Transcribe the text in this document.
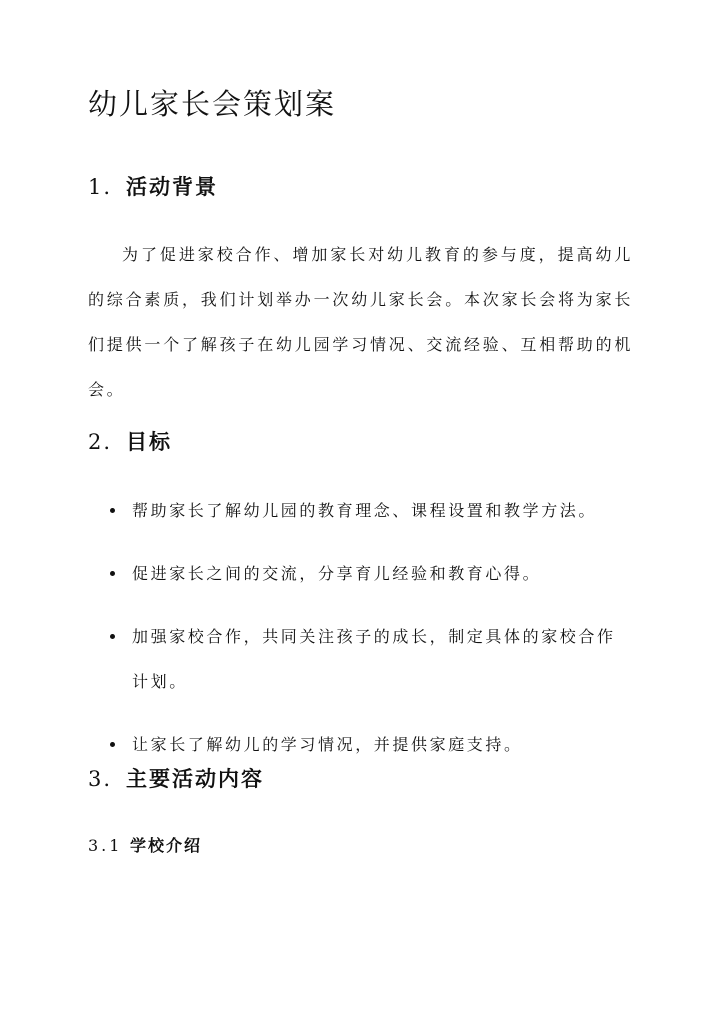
幼儿家长会策划案
1. 活动背景

为了促进家校合作、增加家长对幼儿教育的参与度，提高幼儿的综合素质，我们计划举办一次幼儿家长会。本次家长会将为家长们提供一个了解孩子在幼儿园学习情况、交流经验、互相帮助的机会。

2. 目标
帮助家长了解幼儿园的教育理念、课程设置和教学方法。
促进家长之间的交流，分享育儿经验和教育心得。
加强家校合作，共同关注孩子的成长，制定具体的家校合作计划。
让家长了解幼儿的学习情况，并提供家庭支持。
3. 主要活动内容
3.1 学校介绍
